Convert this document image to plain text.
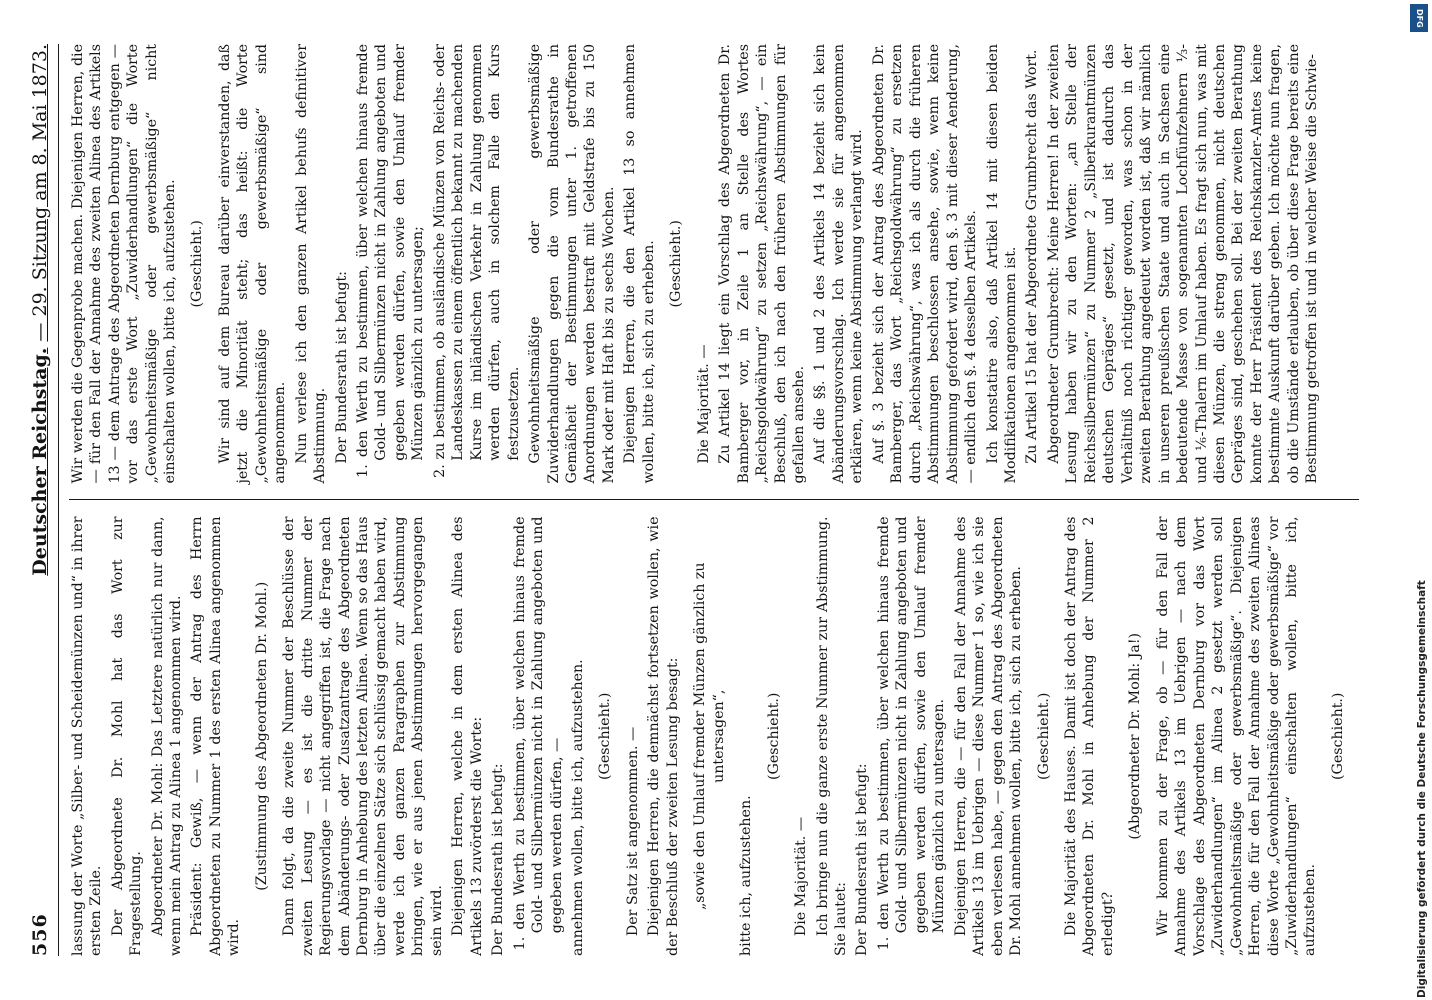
556
Deutscher Reichstag. — 29. Sitzung am 8. Mai 1873.

lassung der Worte „Silber- und Scheidemünzen und“ in ihrer ersten Zeile. Der Abgeordnete Dr. Mohl hat das Wort zur Fragestellung. Abgeordneter Dr. Mohl: Das Letztere natürlich nur dann, wenn mein Antrag zu Alinea 1 angenommen wird. Präsident: Gewiß, — wenn der Antrag des Herrn Abgeordneten zu Nummer 1 des ersten Alinea angenommen wird.

(Zustimmung des Abgeordneten Dr. Mohl.) Dann folgt, da die zweite Nummer der Beschlüsse der zweiten Lesung — es ist die dritte Nummer der Regierungsvorlage — nicht angegriffen ist, die Frage nach dem Abänderungs- oder Zusatzantrage des Abgeordneten Dernburg in Anhebung des letzten Alinea. Wenn so das Haus über die einzelnen Sätze sich schlüssig gemacht haben wird, werde ich den ganzen Paragraphen zur Abstimmung bringen, wie er aus jenen Abstimmungen hervorgegangen sein wird. Diejenigen Herren, welche in dem ersten Alinea des Artikels 13 zuvörderst die Worte: Der Bundesrath ist befugt: 1. den Werth zu bestimmen, über welchen hinaus fremde Gold- und Silbermünzen nicht in Zahlung angeboten und gegeben werden dürfen, — annehmen wollen, bitte ich, aufzustehen. (Geschieht.) Der Satz ist angenommen. — Diejenigen Herren, die demnächst fortsetzen wollen, wie der Beschluß der zweiten Lesung besagt: „sowie den Umlauf fremder Münzen gänzlich zu untersagen“,

bitte ich, aufzustehen.

(Geschieht.)

Die Majorität. — Ich bringe nun die ganze erste Nummer zur Abstimmung. Sie lautet: Der Bundesrath ist befugt: 1. den Werth zu bestimmen, über welchen hinaus fremde Gold- und Silbermünzen nicht in Zahlung angeboten und gegeben werden dürfen, sowie den Umlauf fremder Münzen gänzlich zu untersagen. Diejenigen Herren, die — für den Fall der Annahme des Artikels 13 im Uebrigen — diese Nummer 1 so, wie ich sie eben verlesen habe, — gegen den Antrag des Abgeordneten Dr. Mohl annehmen wollen, bitte ich, sich zu erheben. (Geschieht.) Die Majorität des Hauses. Damit ist doch der Antrag des Abgeordneten Dr. Mohl in Anhebung der Nummer 2 erledigt?

(Abgeordneter Dr. Mohl: Ja!) Wir kommen zu der Frage, ob — für den Fall der Annahme des Artikels 13 im Uebrigen — nach dem Vorschlage des Abgeordneten Dernburg vor das Wort „Zuwiderhandlungen“ im Alinea 2 gesetzt werden soll „Gewohnheitsmäßige oder gewerbsmäßige“. Diejenigen Herren, die für den Fall der Annahme des zweiten Alineas diese Worte „Gewohnheitsmäßige oder gewerbsmäßige“ vor „Zuwiderhandlungen“ einschalten wollen, bitte ich, aufzustehen.

(Geschieht.)

Wir werden die Gegenprobe machen. Diejenigen Herren, die — für den Fall der Annahme des zweiten Alinea des Artikels 13 — dem Antrage des Abgeordneten Dernburg entgegen — vor das erste Wort „Zuwiderhandlungen“ die Worte „Gewohnheitsmäßige oder gewerbsmäßige“ nicht einschalten wollen, bitte ich, aufzustehen. (Geschieht.) Wir sind auf dem Bureau darüber einverstanden, daß jetzt die Minorität steht; das heißt: die Worte „Gewohnheitsmäßige oder gewerbsmäßige“ sind angenommen. Nun verlese ich den ganzen Artikel behufs definitiver Abstimmung. Der Bundesrath ist befugt: 1. den Werth zu bestimmen, über welchen hinaus fremde Gold- und Silbermünzen nicht in Zahlung angeboten und gegeben werden dürfen, sowie den Umlauf fremder Münzen gänzlich zu untersagen; 2. zu bestimmen, ob ausländische Münzen von Reichs- oder Landeskassen zu einem öffentlich bekannt zu machenden Kurse im inländischen Verkehr in Zahlung genommen werden dürfen, auch in solchem Falle den Kurs festzusetzen. Gewohnheitsmäßige oder gewerbsmäßige Zuwiderhandlungen gegen die vom Bundesrathe in Gemäßheit der Bestimmungen unter 1. getroffenen Anordnungen werden bestraft mit Geldstrafe bis zu 150 Mark oder mit Haft bis zu sechs Wochen. Diejenigen Herren, die den Artikel 13 so annehmen wollen, bitte ich, sich zu erheben. (Geschieht.)

Die Majorität. — Zu Artikel 14 liegt ein Vorschlag des Abgeordneten Dr. Bamberger vor, in Zeile 1 an Stelle des Wortes „Reichsgoldwährung“ zu setzen „Reichswährung“, — ein Beschluß, den ich nach den früheren Abstimmungen für gefallen ansehe. Auf die §§. 1 und 2 des Artikels 14 bezieht sich kein Abänderungsvorschlag. Ich werde sie für angenommen erklären, wenn keine Abstimmung verlangt wird. Auf §. 3 bezieht sich der Antrag des Abgeordneten Dr. Bamberger, das Wort „Reichsgoldwährung“ zu ersetzen durch „Reichswährung“, was ich als durch die früheren Abstimmungen beschlossen ansehe, sowie, wenn keine Abstimmung gefordert wird, den §. 3 mit dieser Aenderung, — endlich den §. 4 desselben Artikels. Ich konstatire also, daß Artikel 14 mit diesen beiden Modifikationen angenommen ist. Zu Artikel 15 hat der Abgeordnete Grumbrecht das Wort. Abgeordneter Grumbrecht: Meine Herren! In der zweiten Lesung haben wir zu den Worten: „an Stelle der Reichssilbermünzen“ zu Nummer 2 „Silberkurantmünzen deutschen Gepräges“ gesetzt, und ist dadurch das Verhältniß noch richtiger geworden, was schon in der zweiten Berathung angedeutet worden ist, daß wir nämlich in unseren preußischen Staate und auch in Sachsen eine bedeutende Masse von sogenannten Lochfünfzehnern ⅓- und ⅙-Thalern im Umlauf haben. Es fragt sich nun, was mit diesen Münzen, die streng genommen, nicht deutschen Gepräges sind, geschehen soll. Bei der zweiten Berathung konnte der Herr Präsident des Reichskanzler-Amtes keine bestimmte Auskunft darüber geben. Ich möchte nun fragen, ob die Umstände erlauben, ob über diese Frage bereits eine Bestimmung getroffen ist und in welcher Weise die Schwie-

Digitalisierung gefördert durch die Deutsche Forschungsgemeinschaft
DFG
